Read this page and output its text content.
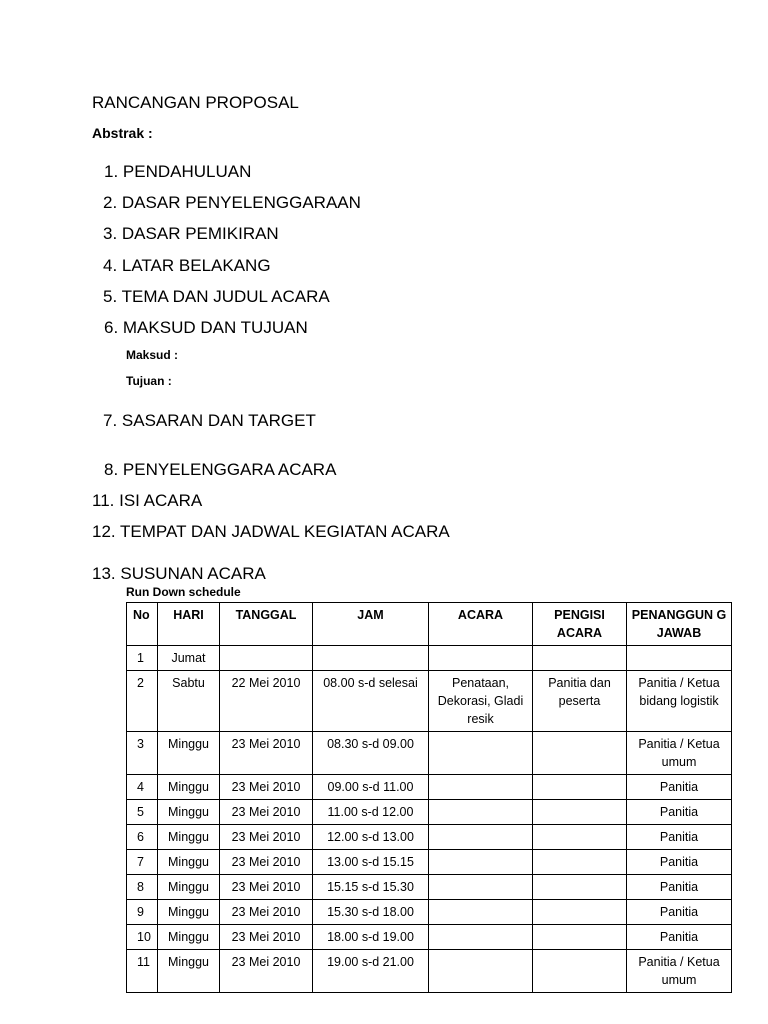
RANCANGAN PROPOSAL
Abstrak :
1. PENDAHULUAN
2. DASAR PENYELENGGARAAN
3. DASAR PEMIKIRAN
4. LATAR BELAKANG
5. TEMA DAN JUDUL ACARA
6. MAKSUD DAN TUJUAN
Maksud :
Tujuan :
7. SASARAN DAN TARGET
8. PENYELENGGARA ACARA
11. ISI ACARA
12. TEMPAT DAN JADWAL KEGIATAN ACARA
13. SUSUNAN ACARA
Run Down schedule
No	HARI	TANGGAL	JAM	ACARA	PENGISI ACARA	PENANGGUN G JAWAB
1	Jumat					
2	Sabtu	22 Mei 2010	08.00 s-d selesai	Penataan, Dekorasi, Gladi resik	Panitia dan peserta	Panitia / Ketua bidang logistik
3	Minggu	23 Mei 2010	08.30 s-d 09.00			Panitia / Ketua umum
4	Minggu	23 Mei 2010	09.00 s-d 11.00			Panitia
5	Minggu	23 Mei 2010	11.00 s-d 12.00			Panitia
6	Minggu	23 Mei 2010	12.00 s-d 13.00			Panitia
7	Minggu	23 Mei 2010	13.00 s-d 15.15			Panitia
8	Minggu	23 Mei 2010	15.15 s-d 15.30			Panitia
9	Minggu	23 Mei 2010	15.30 s-d 18.00			Panitia
10	Minggu	23 Mei 2010	18.00 s-d 19.00			Panitia
11	Minggu	23 Mei 2010	19.00 s-d 21.00			Panitia / Ketua umum
